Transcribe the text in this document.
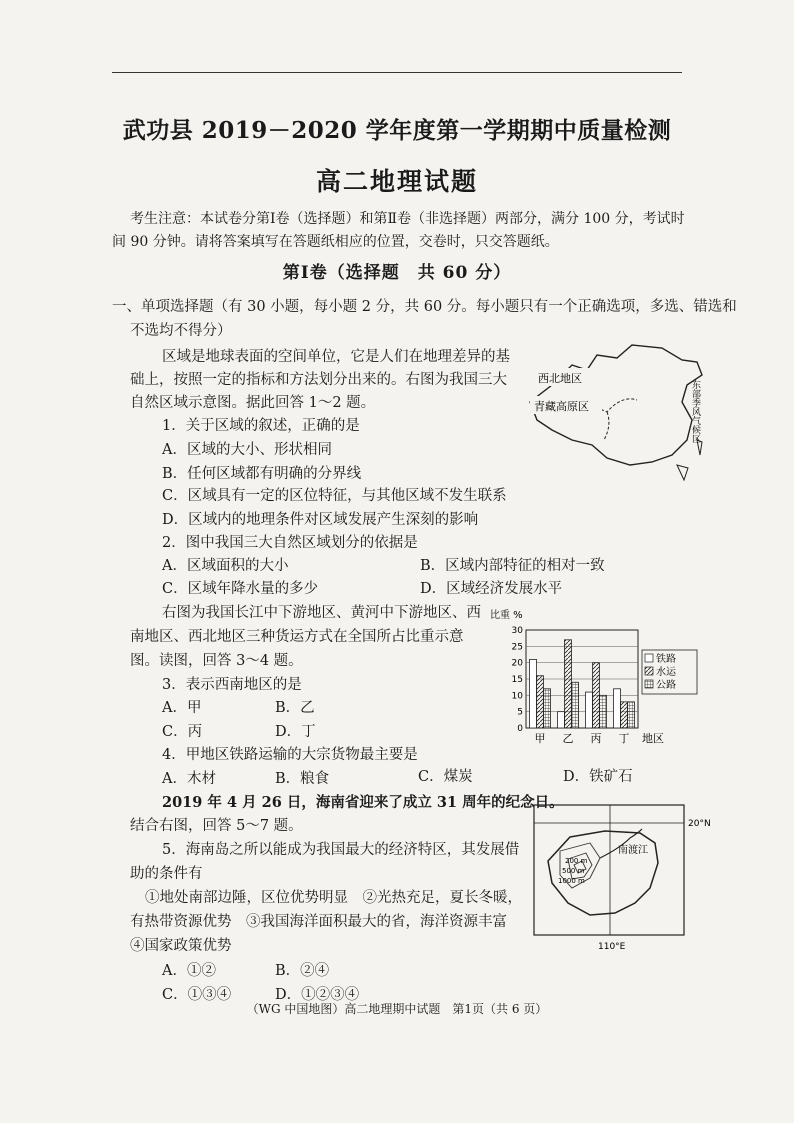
武功县 2019－2020 学年度第一学期期中质量检测
高二地理试题
考生注意：本试卷分第Ⅰ卷（选择题）和第Ⅱ卷（非选择题）两部分，满分 100 分，考试时
间 90 分钟。请将答案填写在答题纸相应的位置，交卷时，只交答题纸。
第Ⅰ卷（选择题　共 60 分）
一、单项选择题（有 30 小题，每小题 2 分，共 60 分。每小题只有一个正确选项，多选、错选和
不选均不得分）
区域是地球表面的空间单位，它是人们在地理差异的基
础上，按照一定的指标和方法划分出来的。右图为我国三大
自然区域示意图。据此回答 1～2 题。
西北地区
青藏高原区	东部季风气候区
1．关于区域的叙述，正确的是
A．区域的大小、形状相同
B．任何区域都有明确的分界线
C．区域具有一定的区位特征，与其他区域不发生联系
D．区域内的地理条件对区域发展产生深刻的影响
2．图中我国三大自然区域划分的依据是
A．区域面积的大小	B．区域内部特征的相对一致
C．区域年降水量的多少	D．区域经济发展水平
右图为我国长江中下游地区、黄河中下游地区、西
南地区、西北地区三种货运方式在全国所占比重示意
图。读图，回答 3～4 题。
比重 %
0
5
10
15
20
25
30
甲 乙 丙 丁 地区
铁路
水运
公路
3．表示西南地区的是
A．甲	B．乙
C．丙	D．丁
4．甲地区铁路运输的大宗货物最主要是
A．木材	B．粮食	C．煤炭	D．铁矿石
2019 年 4 月 26 日，海南省迎来了成立 31 周年的纪念日。
结合右图，回答 5～7 题。
200 m
500 m
1000 m
南渡江
20°N
110°E
5．海南岛之所以能成为我国最大的经济特区，其发展借
助的条件有
①地处南部边陲，区位优势明显　②光热充足，夏长冬暖，
有热带资源优势　③我国海洋面积最大的省，海洋资源丰富
④国家政策优势
A．①②	B．②④
C．①③④	D．①②③④
（WG 中国地图）高二地理期中试题　第1页（共 6 页）
